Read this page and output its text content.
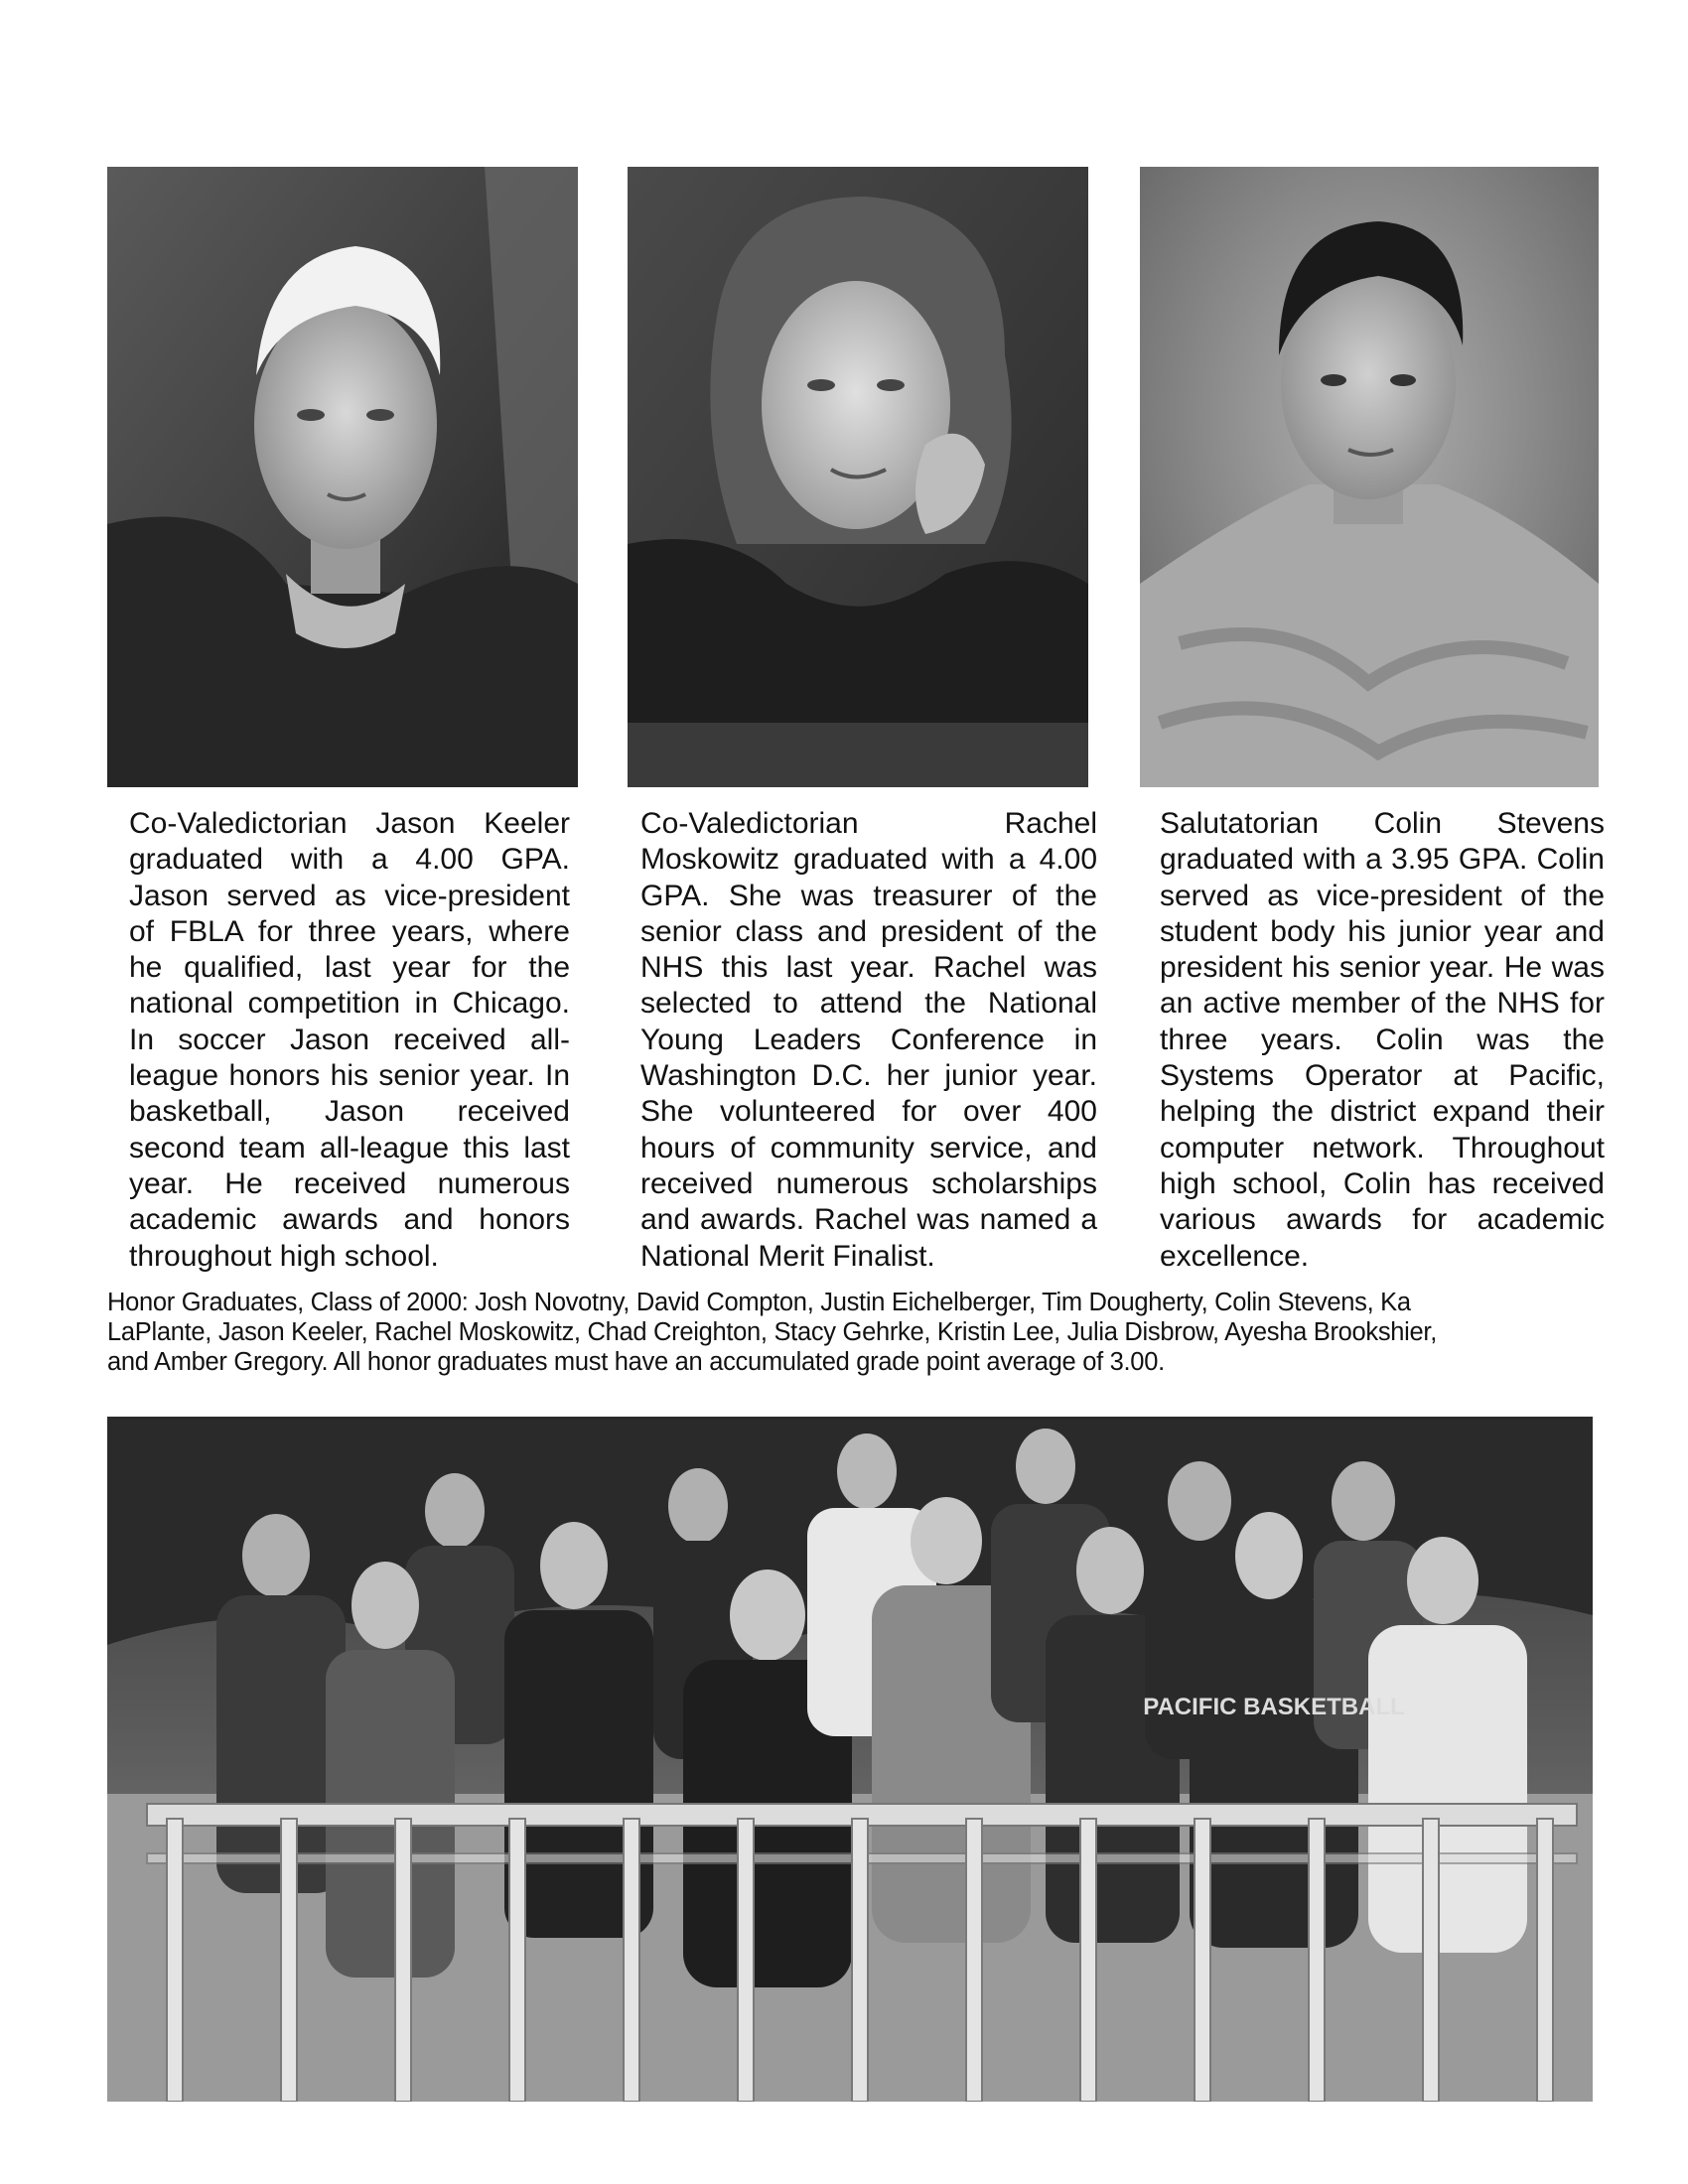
Co-Valedictorian Jason Keeler graduated with a 4.00 GPA. Jason served as vice-president of FBLA for three years, where he qualified, last year for the national competition in Chicago. In soccer Jason received all-league honors his senior year. In basketball, Jason received second team all-league this last year. He received numerous academic awards and honors throughout high school.
Co-Valedictorian Rachel Moskowitz graduated with a 4.00 GPA. She was treasurer of the senior class and president of the NHS this last year. Rachel was selected to attend the National Young Leaders Conference in Washington D.C. her junior year. She volunteered for over 400 hours of community service, and received numerous scholarships and awards. Rachel was named a National Merit Finalist.
Salutatorian Colin Stevens graduated with a 3.95 GPA. Colin served as vice-president of the student body his junior year and president his senior year. He was an active member of the NHS for three years. Colin was the Systems Operator at Pacific, helping the district expand their computer network. Throughout high school, Colin has received various awards for academic excellence.
Honor Graduates, Class of 2000: Josh Novotny, David Compton, Justin Eichelberger, Tim Dougherty, Colin Stevens, Ka
LaPlante, Jason Keeler, Rachel Moskowitz, Chad Creighton, Stacy Gehrke, Kristin Lee, Julia Disbrow, Ayesha Brookshier,
and Amber Gregory. All honor graduates must have an accumulated grade point average of 3.00.
PACIFIC BASKETBALL
